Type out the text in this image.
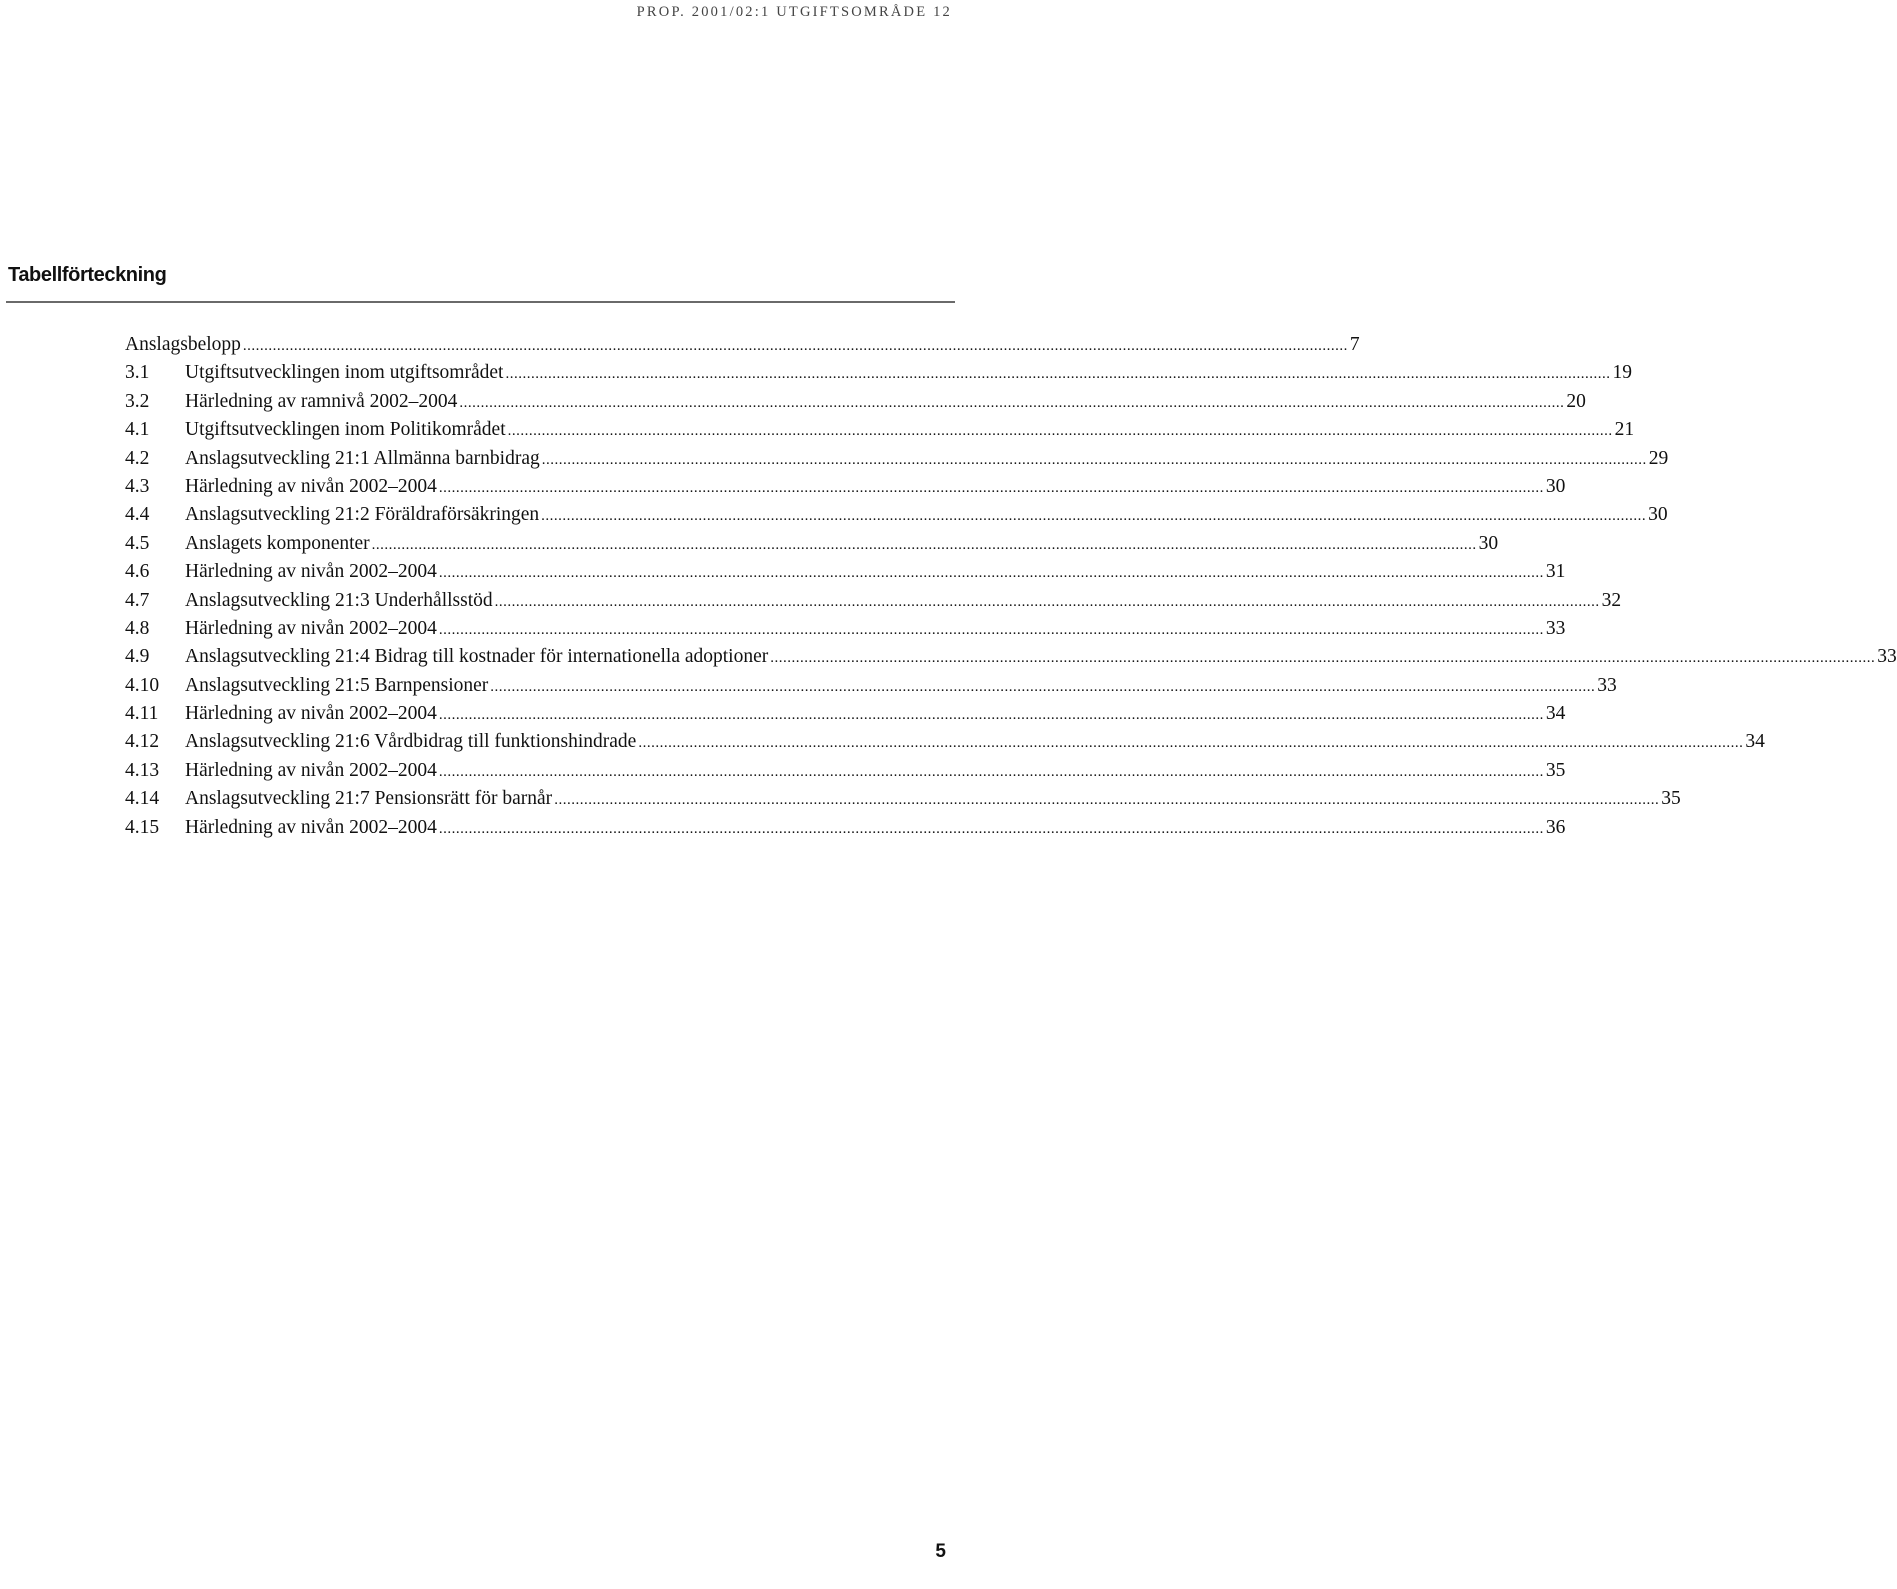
PROP. 2001/02:1 UTGIFTSOMRÅDE 12
Tabellförteckning
Anslagsbelopp .................................................................................................................................................................................................................................................................... 7
3.1	Utgiftsutvecklingen inom utgiftsområdet .................................................................................................................................................................................................................................................................... 19
3.2	Härledning av ramnivå 2002–2004 .................................................................................................................................................................................................................................................................... 20
4.1	Utgiftsutvecklingen inom Politikområdet .................................................................................................................................................................................................................................................................... 21
4.2	Anslagsutveckling 21:1 Allmänna barnbidrag .................................................................................................................................................................................................................................................................... 29
4.3	Härledning av nivån 2002–2004 .................................................................................................................................................................................................................................................................... 30
4.4	Anslagsutveckling 21:2 Föräldraförsäkringen .................................................................................................................................................................................................................................................................... 30
4.5	Anslagets komponenter .................................................................................................................................................................................................................................................................... 30
4.6	Härledning av nivån 2002–2004 .................................................................................................................................................................................................................................................................... 31
4.7	Anslagsutveckling 21:3 Underhållsstöd .................................................................................................................................................................................................................................................................... 32
4.8	Härledning av nivån 2002–2004 .................................................................................................................................................................................................................................................................... 33
4.9	Anslagsutveckling 21:4 Bidrag till kostnader för internationella adoptioner .................................................................................................................................................................................................................................................................... 33
4.10	Anslagsutveckling 21:5 Barnpensioner .................................................................................................................................................................................................................................................................... 33
4.11	Härledning av nivån 2002–2004 .................................................................................................................................................................................................................................................................... 34
4.12	Anslagsutveckling 21:6 Vårdbidrag till funktionshindrade .................................................................................................................................................................................................................................................................... 34
4.13	Härledning av nivån 2002–2004 .................................................................................................................................................................................................................................................................... 35
4.14	Anslagsutveckling 21:7 Pensionsrätt för barnår .................................................................................................................................................................................................................................................................... 35
4.15	Härledning av nivån 2002–2004 .................................................................................................................................................................................................................................................................... 36
5
